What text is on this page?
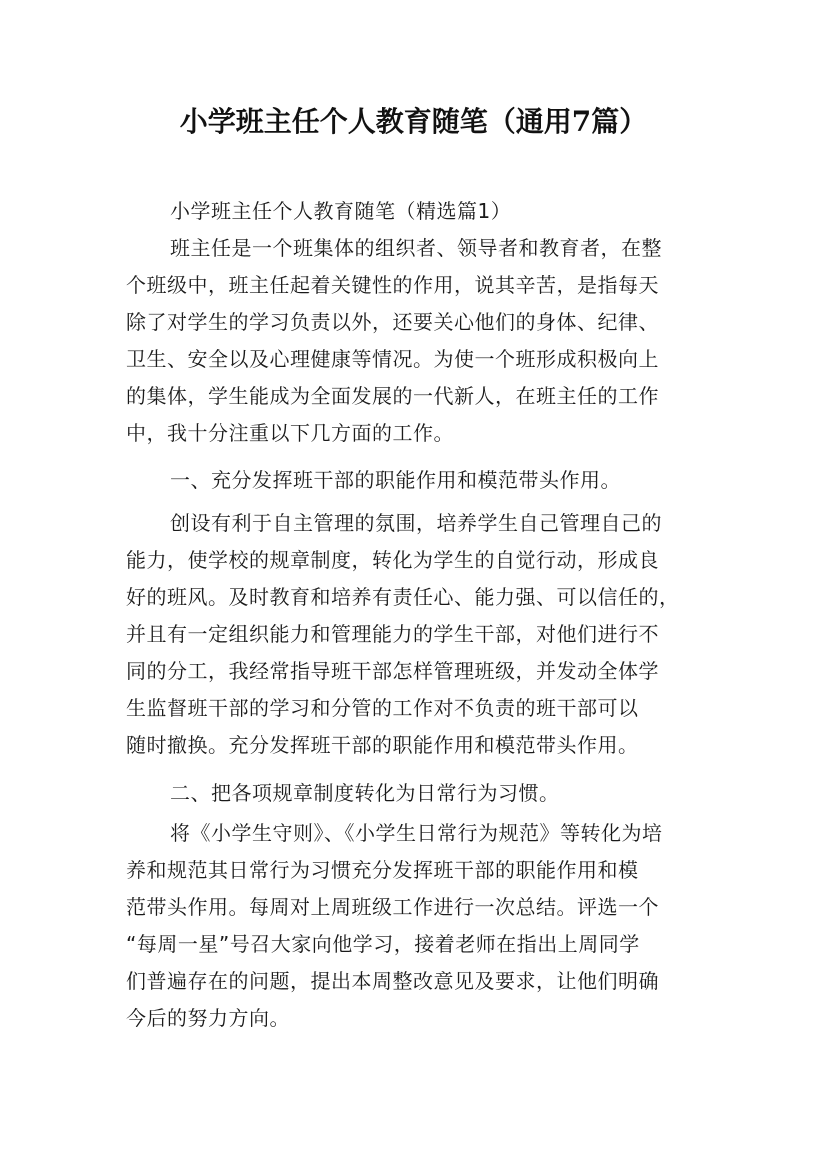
小学班主任个人教育随笔（通用7篇）
小学班主任个人教育随笔（精选篇1）
班主任是一个班集体的组织者、领导者和教育者，在整
个班级中，班主任起着关键性的作用，说其辛苦，是指每天
除了对学生的学习负责以外，还要关心他们的身体、纪律、
卫生、安全以及心理健康等情况。为使一个班形成积极向上
的集体，学生能成为全面发展的一代新人，在班主任的工作
中，我十分注重以下几方面的工作。
一、充分发挥班干部的职能作用和模范带头作用。
创设有利于自主管理的氛围，培养学生自己管理自己的
能力，使学校的规章制度，转化为学生的自觉行动，形成良
好的班风。及时教育和培养有责任心、能力强、可以信任的，
并且有一定组织能力和管理能力的学生干部，对他们进行不
同的分工，我经常指导班干部怎样管理班级，并发动全体学
生监督班干部的学习和分管的工作对不负责的班干部可以
随时撤换。充分发挥班干部的职能作用和模范带头作用。
二、把各项规章制度转化为日常行为习惯。
将《小学生守则》、《小学生日常行为规范》等转化为培
养和规范其日常行为习惯充分发挥班干部的职能作用和模
范带头作用。每周对上周班级工作进行一次总结。评选一个
“每周一星”号召大家向他学习，接着老师在指出上周同学
们普遍存在的问题，提出本周整改意见及要求，让他们明确
今后的努力方向。
